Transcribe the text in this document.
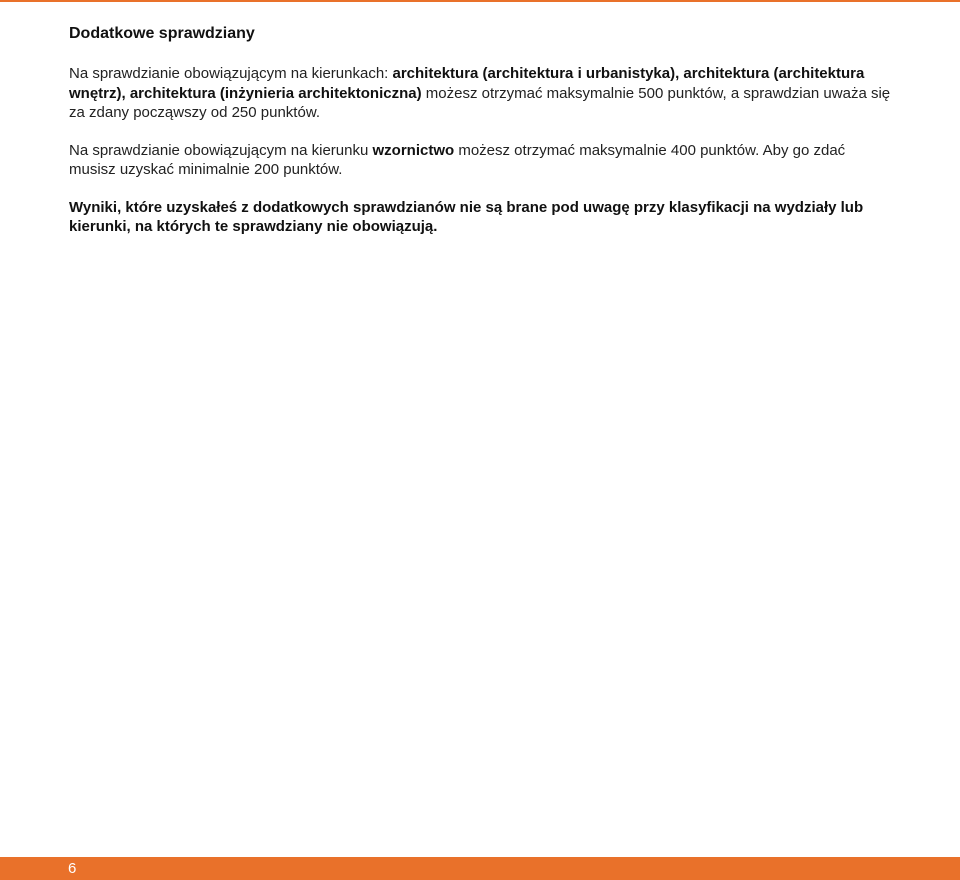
Dodatkowe sprawdziany

Na sprawdzianie obowiązującym na kierunkach: architektura (architektura i urbanistyka), architektura (architektura wnętrz), architektura (inżynieria architektoniczna) możesz otrzymać maksymalnie 500 punktów, a sprawdzian uważa się za zdany począwszy od 250 punktów.

Na sprawdzianie obowiązującym na kierunku wzornictwo możesz otrzymać maksymalnie 400 punktów. Aby go zdać musisz uzyskać minimalnie 200 punktów.

Wyniki, które uzyskałeś z dodatkowych sprawdzianów nie są brane pod uwagę przy klasyfikacji na wydziały lub kierunki, na których te sprawdziany nie obowiązują.

6
